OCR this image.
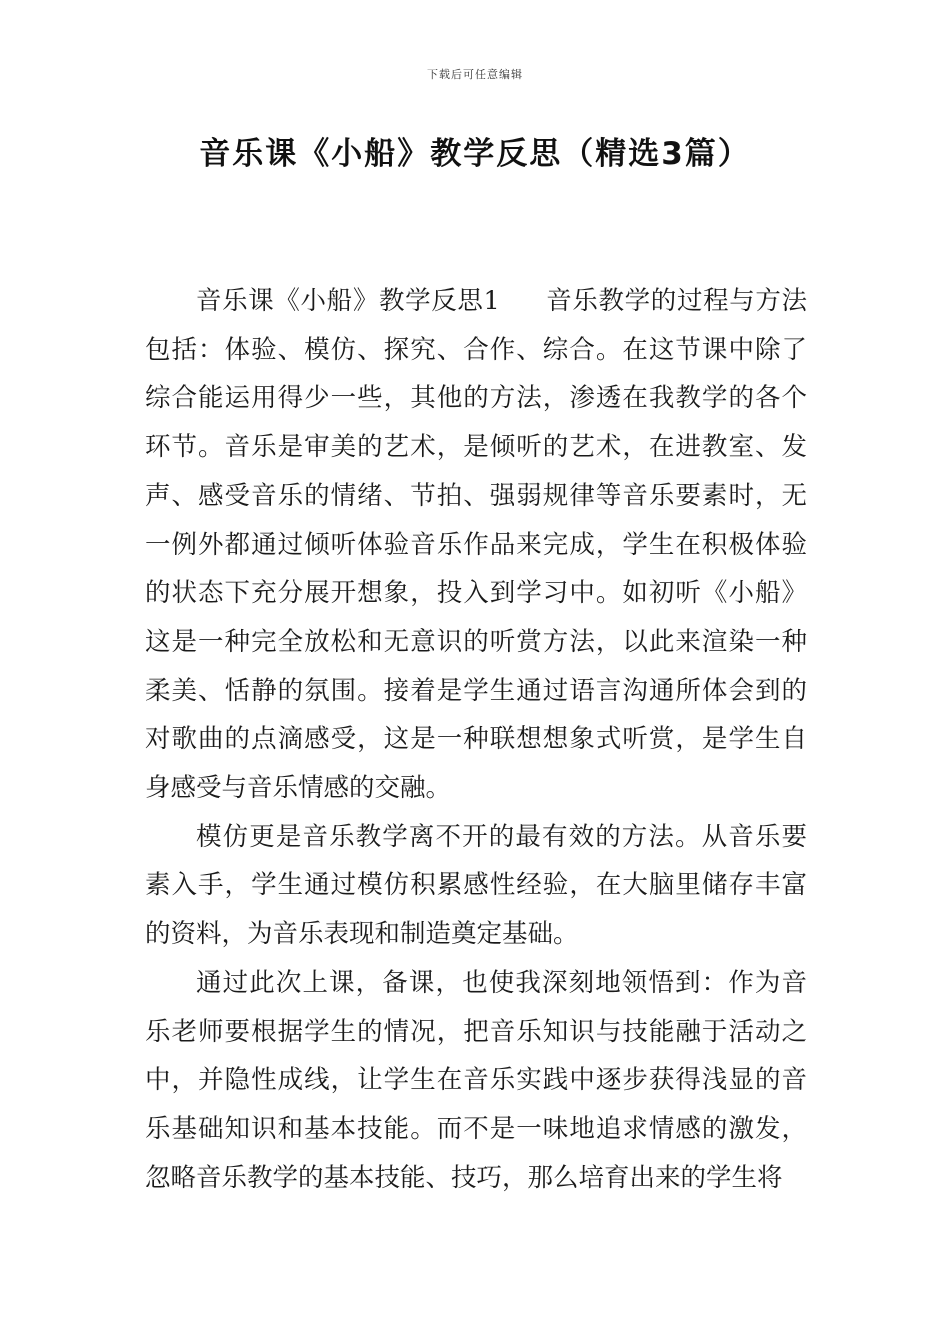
下载后可任意编辑
音乐课《小船》教学反思（精选3篇）

音乐课《小船》教学反思1 音乐教学的过程与方法包括：体验、模仿、探究、合作、综合。在这节课中除了综合能运用得少一些，其他的方法，渗透在我教学的各个环节。音乐是审美的艺术，是倾听的艺术，在进教室、发声、感受音乐的情绪、节拍、强弱规律等音乐要素时，无一例外都通过倾听体验音乐作品来完成，学生在积极体验的状态下充分展开想象，投入到学习中。如初听《小船》这是一种完全放松和无意识的听赏方法，以此来渲染一种柔美、恬静的氛围。接着是学生通过语言沟通所体会到的对歌曲的点滴感受，这是一种联想想象式听赏，是学生自身感受与音乐情感的交融。

模仿更是音乐教学离不开的最有效的方法。从音乐要素入手，学生通过模仿积累感性经验，在大脑里储存丰富的资料，为音乐表现和制造奠定基础。

通过此次上课，备课，也使我深刻地领悟到：作为音乐老师要根据学生的情况，把音乐知识与技能融于活动之中，并隐性成线，让学生在音乐实践中逐步获得浅显的音乐基础知识和基本技能。而不是一味地追求情感的激发，忽略音乐教学的基本技能、技巧，那么培育出来的学生将
